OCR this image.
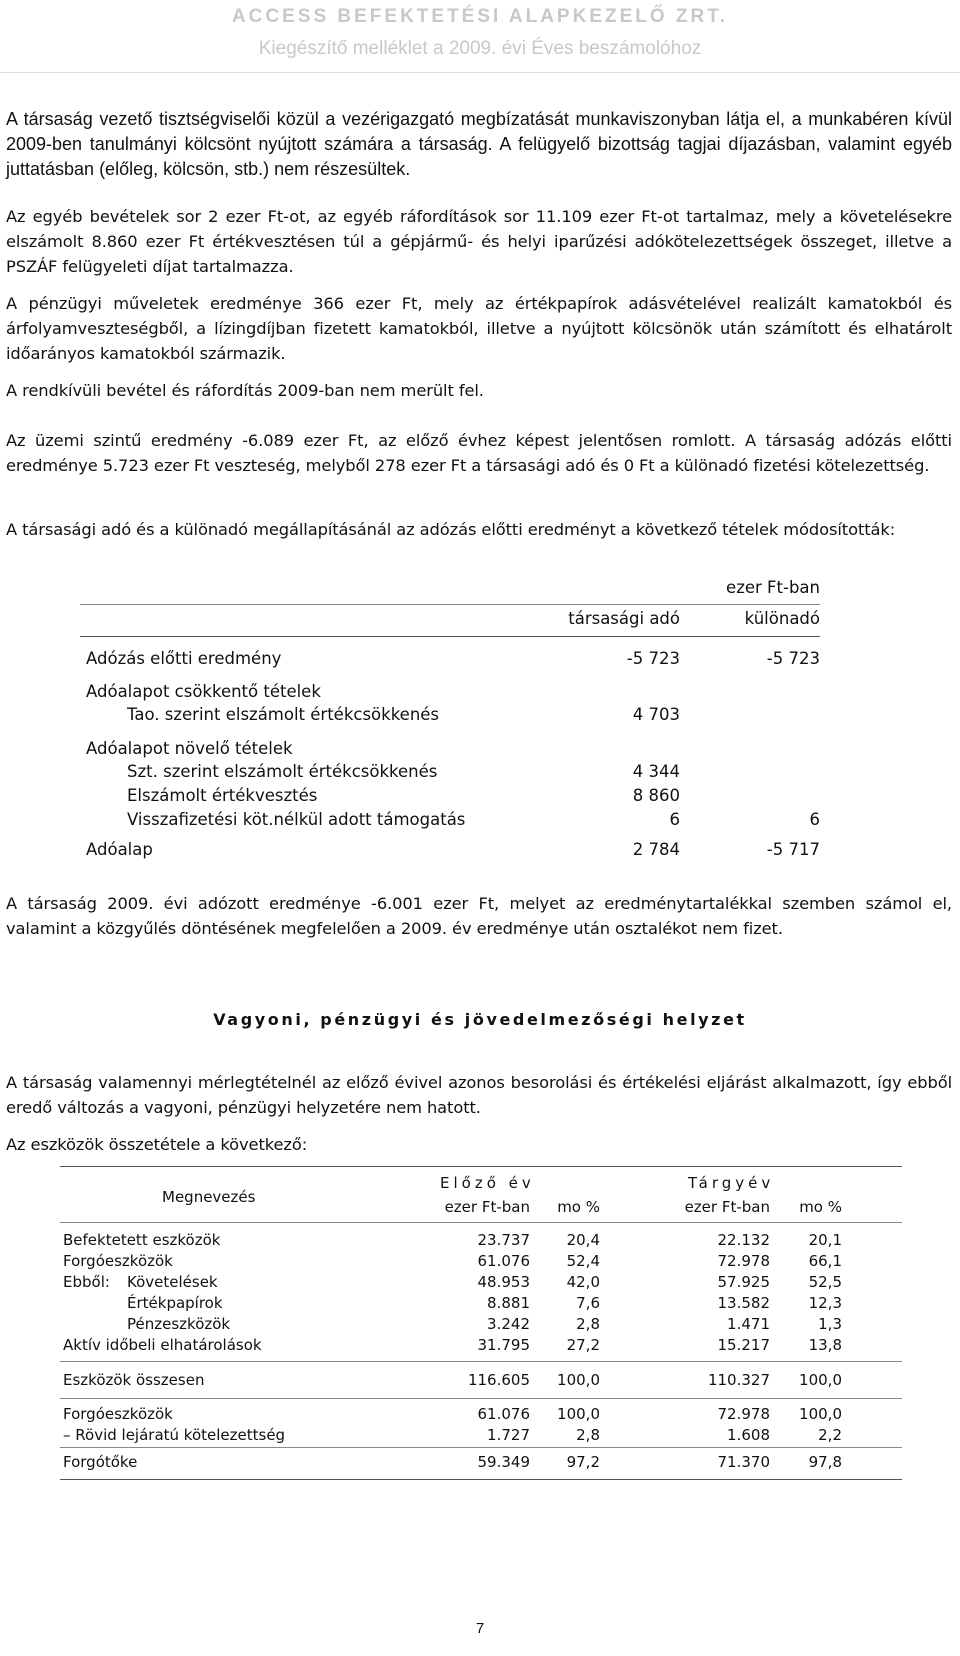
ACCESS BEFEKTETÉSI ALAPKEZELŐ ZRT.
Kiegészítő melléklet a 2009. évi Éves beszámolóhoz

A társaság vezető tisztségviselői közül a vezérigazgató megbízatását munkaviszonyban látja el, a munkabéren kívül 2009-ben tanulmányi kölcsönt nyújtott számára a társaság. A felügyelő bizottság tagjai díjazásban, valamint egyéb juttatásban (előleg, kölcsön, stb.) nem részesültek.

Az egyéb bevételek sor 2 ezer Ft-ot, az egyéb ráfordítások sor 11.109 ezer Ft-ot tartalmaz, mely a követelésekre elszámolt 8.860 ezer Ft értékvesztésen túl a gépjármű- és helyi iparűzési adókötelezettségek összeget, illetve a PSZÁF felügyeleti díjat tartalmazza.

A pénzügyi műveletek eredménye 366 ezer Ft, mely az értékpapírok adásvételével realizált kamatokból és árfolyamveszteségből, a lízingdíjban fizetett kamatokból, illetve a nyújtott kölcsönök után számított és elhatárolt időarányos kamatokból származik.

A rendkívüli bevétel és ráfordítás 2009-ban nem merült fel.

Az üzemi szintű eredmény -6.089 ezer Ft, az előző évhez képest jelentősen romlott. A társaság adózás előtti eredménye 5.723 ezer Ft veszteség, melyből 278 ezer Ft a társasági adó és 0 Ft a különadó fizetési kötelezettség.

A társasági adó és a különadó megállapításánál az adózás előtti eredményt a következő tételek módosították:

ezer Ft-ban
társasági adó	különadó
Adózás előtti eredmény	-5 723	-5 723
Adóalapot csökkentő tételek
Tao. szerint elszámolt értékcsökkenés	4 703
Adóalapot növelő tételek
Szt. szerint elszámolt értékcsökkenés	4 344
Elszámolt értékvesztés	8 860
Visszafizetési köt.nélkül adott támogatás	6	6
Adóalap	2 784	-5 717

A társaság 2009. évi adózott eredménye -6.001 ezer Ft, melyet az eredménytartalékkal szemben számol el, valamint a közgyűlés döntésének megfelelően a 2009. év eredménye után osztalékot nem fizet.

Vagyoni, pénzügyi és jövedelmezőségi helyzet

A társaság valamennyi mérlegtételnél az előző évivel azonos besorolási és értékelési eljárást alkalmazott, így ebből eredő változás a vagyoni, pénzügyi helyzetére nem hatott.

Az eszközök összetétele a következő:

Megnevezés
Előző év	Tárgyév
ezer Ft-ban	mo %	ezer Ft-ban	mo %
Befektetett eszközök	23.737	20,4	22.132	20,1
Forgóeszközök	61.076	52,4	72.978	66,1
Ebből: Követelések	48.953	42,0	57.925	52,5
Értékpapírok	8.881	7,6	13.582	12,3
Pénzeszközök	3.242	2,8	1.471	1,3
Aktív időbeli elhatárolások	31.795	27,2	15.217	13,8
Eszközök összesen	116.605	100,0	110.327	100,0
Forgóeszközök	61.076	100,0	72.978	100,0
– Rövid lejáratú kötelezettség	1.727	2,8	1.608	2,2
Forgótőke	59.349	97,2	71.370	97,8
7
